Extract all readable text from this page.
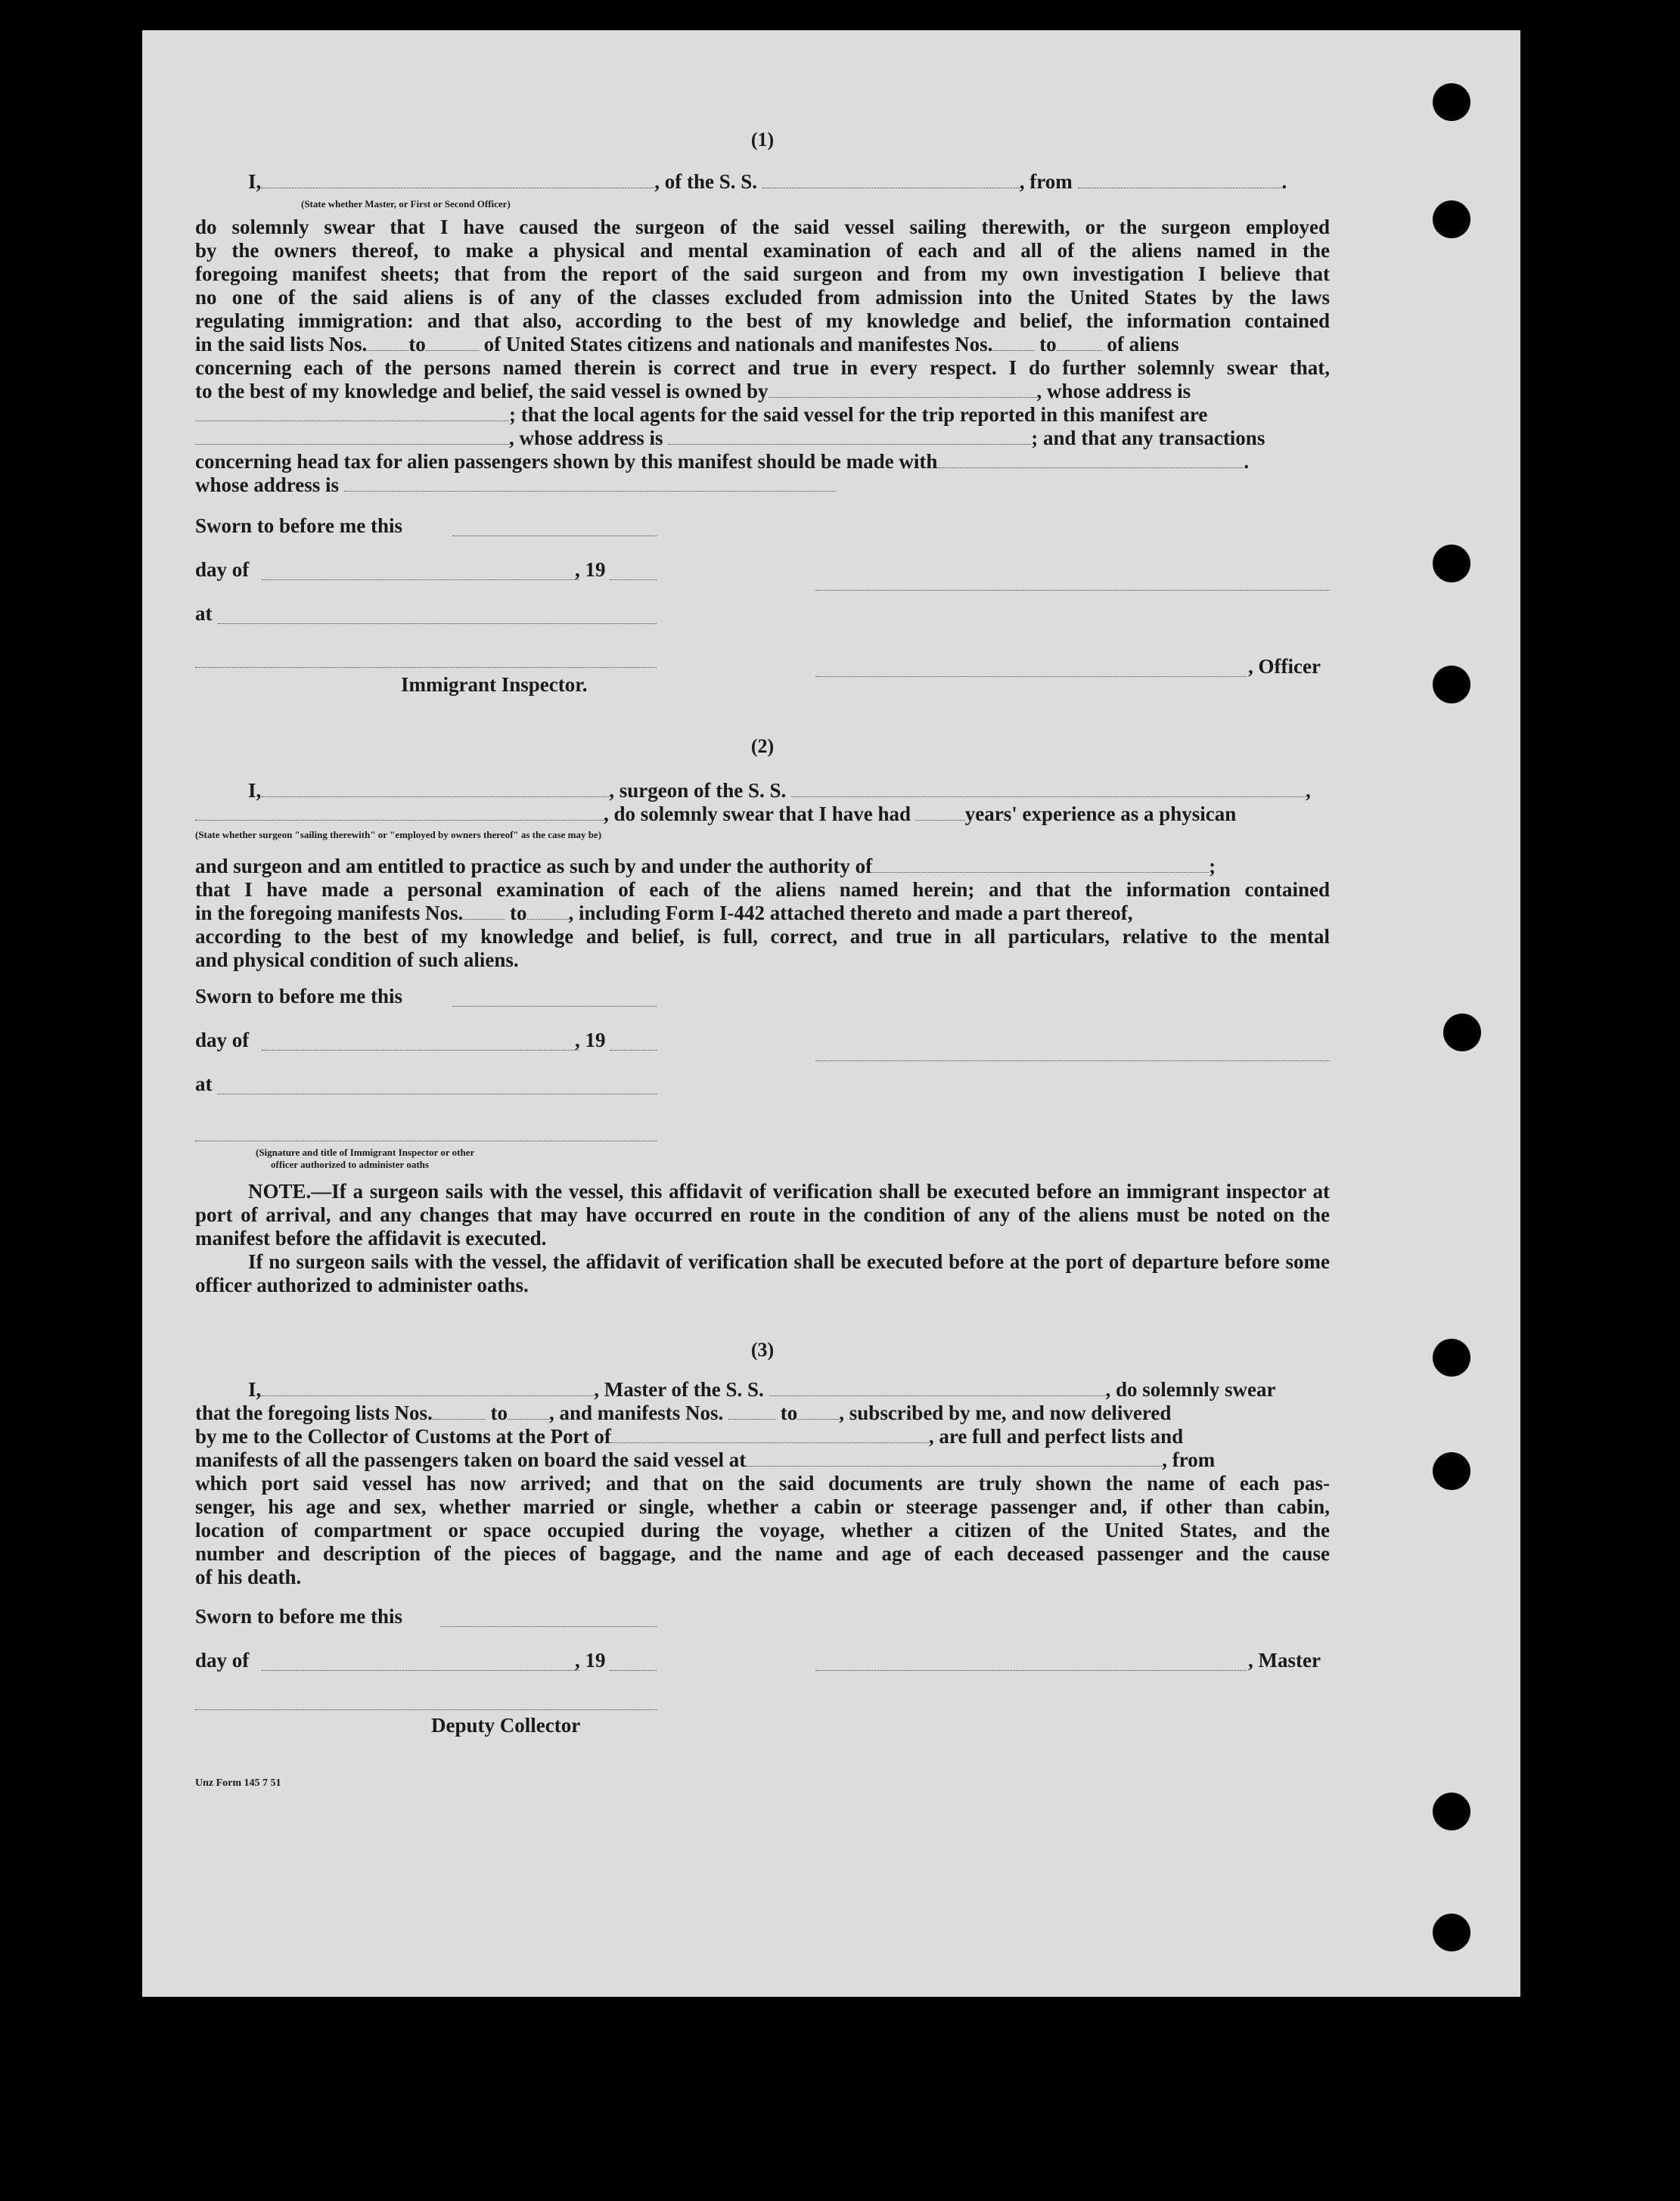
(1)
I,	, of the S. S.	, from	.
(State whether Master, or First or Second Officer)
do solemnly swear that I have caused the surgeon of the said vessel sailing therewith, or the surgeon employed
by the owners thereof, to make a physical and mental examination of each and all of the aliens named in the
foregoing manifest sheets; that from the report of the said surgeon and from my own investigation I believe that
no one of the said aliens is of any of the classes excluded from admission into the United States by the laws
regulating immigration: and that also, according to the best of my knowledge and belief, the information contained
in the said lists Nos. to	of United States citizens and nationals and manifestes Nos. to of aliens
concerning each of the persons named therein is correct and true in every respect. I do further solemnly swear that,
to the best of my knowledge and belief, the said vessel is owned by	, whose address is
; that the local agents for the said vessel for the trip reported in this manifest are
, whose address is	; and that any transactions
concerning head tax for alien passengers shown by this manifest should be made with	.
whose address is
Sworn to before me this
day of	, 19
at
, Officer
Immigrant Inspector.
(2)
I,	, surgeon of the S. S.	,
, do solemnly swear that I have had	years' experience as a physican
(State whether surgeon "sailing therewith" or "employed by owners thereof" as the case may be)
and surgeon and am entitled to practice as such by and under the authority of	;
that I have made a personal examination of each of the aliens named herein; and that the information contained
in the foregoing manifests Nos. to , including Form I-442 attached thereto and made a part thereof,
according to the best of my knowledge and belief, is full, correct, and true in all particulars, relative to the mental
and physical condition of such aliens.
Sworn to before me this
day of	, 19
at
(Signature and title of Immigrant Inspector or other
officer authorized to administer oaths
NOTE.—If a surgeon sails with the vessel, this affidavit of verification shall be executed before an immigrant inspector at port of arrival, and any changes that may have occurred en route in the condition of any of the aliens must be noted on the manifest before the affidavit is executed.
If no surgeon sails with the vessel, the affidavit of verification shall be executed before at the port of departure before some officer authorized to administer oaths.
(3)
I,	, Master of the S. S.	, do solemnly swear
that the foregoing lists Nos.	to , and manifests Nos.	to , subscribed by me, and now delivered
by me to the Collector of Customs at the Port of	, are full and perfect lists and
manifests of all the passengers taken on board the said vessel at	, from
which port said vessel has now arrived; and that on the said documents are truly shown the name of each pas-
senger, his age and sex, whether married or single, whether a cabin or steerage passenger and, if other than cabin,
location of compartment or space occupied during the voyage, whether a citizen of the United States, and the
number and description of the pieces of baggage, and the name and age of each deceased passenger and the cause
of his death.
Sworn to before me this
day of	, 19	, Master
Deputy Collector
Unz Form 145 7 51
